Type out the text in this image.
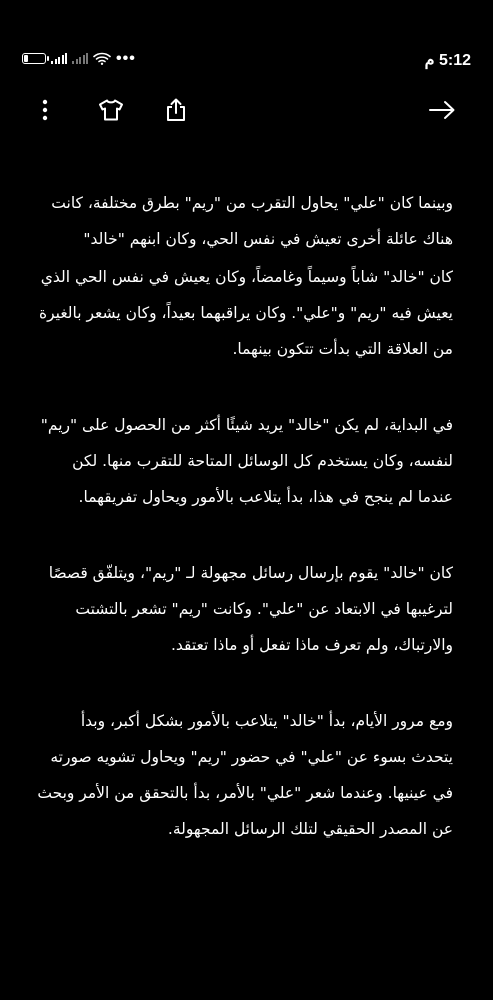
21	•••	5:12 م

وبينما كان "علي" يحاول التقرب من "ريم" بطرق مختلفة، كانت هناك عائلة أخرى تعيش في نفس الحي، وكان ابنهم "خالد"

كان "خالد" شاباً وسيماً وغامضاً، وكان يعيش في نفس الحي الذي يعيش فيه "ريم" و"علي". وكان يراقبهما بعيداً، وكان يشعر بالغيرة من العلاقة التي بدأت تتكون بينهما.

في البداية، لم يكن "خالد" يريد شيئًا أكثر من الحصول على "ريم" لنفسه، وكان يستخدم كل الوسائل المتاحة للتقرب منها. لكن عندما لم ينجح في هذا، بدأ يتلاعب بالأمور ويحاول تفريقهما.

كان "خالد" يقوم بإرسال رسائل مجهولة لـ "ريم"، ويتلفّق قصصًا لترغيبها في الابتعاد عن "علي". وكانت "ريم" تشعر بالتشتت والارتباك، ولم تعرف ماذا تفعل أو ماذا تعتقد.

ومع مرور الأيام، بدأ "خالد" يتلاعب بالأمور بشكل أكبر، وبدأ يتحدث بسوء عن "علي" في حضور "ريم" ويحاول تشويه صورته في عينيها. وعندما شعر "علي" بالأمر، بدأ بالتحقق من الأمر وبحث عن المصدر الحقيقي لتلك الرسائل المجهولة.
